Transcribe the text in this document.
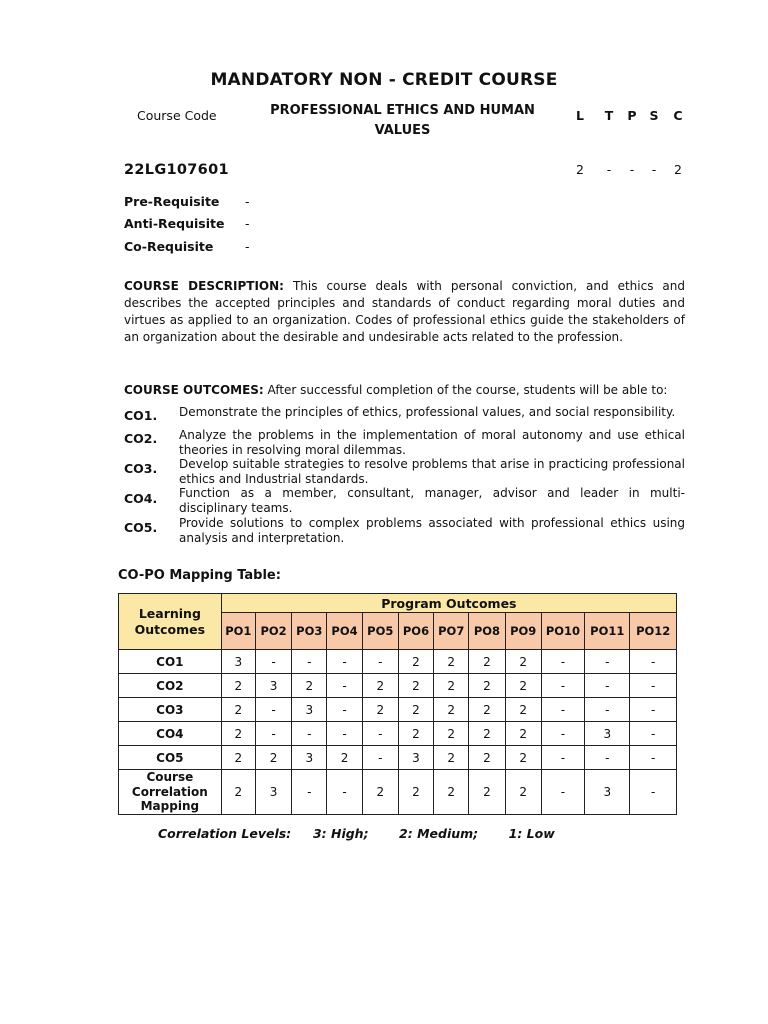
MANDATORY NON - CREDIT COURSE
Course Code	PROFESSIONAL ETHICS AND HUMAN VALUES
L	T	P	S	C
22LG107601	2	-	-	-	2
Pre-Requisite -
Anti-Requisite -
Co-Requisite	-
COURSE DESCRIPTION: This course deals with personal conviction, and ethics and describes the accepted principles and standards of conduct regarding moral duties and virtues as applied to an organization. Codes of professional ethics guide the stakeholders of an organization about the desirable and undesirable acts related to the profession.
COURSE OUTCOMES: After successful completion of the course, students will be able to:
CO1. Demonstrate the principles of ethics, professional values, and social responsibility.
CO2. Analyze the problems in the implementation of moral autonomy and use ethical theories in resolving moral dilemmas.
CO3. Develop suitable strategies to resolve problems that arise in practicing professional ethics and Industrial standards.
CO4. Function as a member, consultant, manager, advisor and leader in multi-disciplinary teams.
CO5. Provide solutions to complex problems associated with professional ethics using analysis and interpretation.
CO-PO Mapping Table:
Learning Outcomes	Program Outcomes											
	PO1	PO2	PO3	PO4	PO5	PO6	PO7	PO8	PO9	PO10	PO11	PO12
CO1	3	-	-	-	-	2	2	2	2	-	-	-
CO2	2	3	2	-	2	2	2	2	2	-	-	-
CO3	2	-	3	-	2	2	2	2	2	-	-	-
CO4	2	-	-	-	-	2	2	2	2	-	3	-
CO5	2	2	3	2	-	3	2	2	2	-	-	-
Course Correlation Mapping	2	3	-	-	2	2	2	2	2	-	3	-
Correlation Levels:     3: High;       2: Medium;       1: Low
